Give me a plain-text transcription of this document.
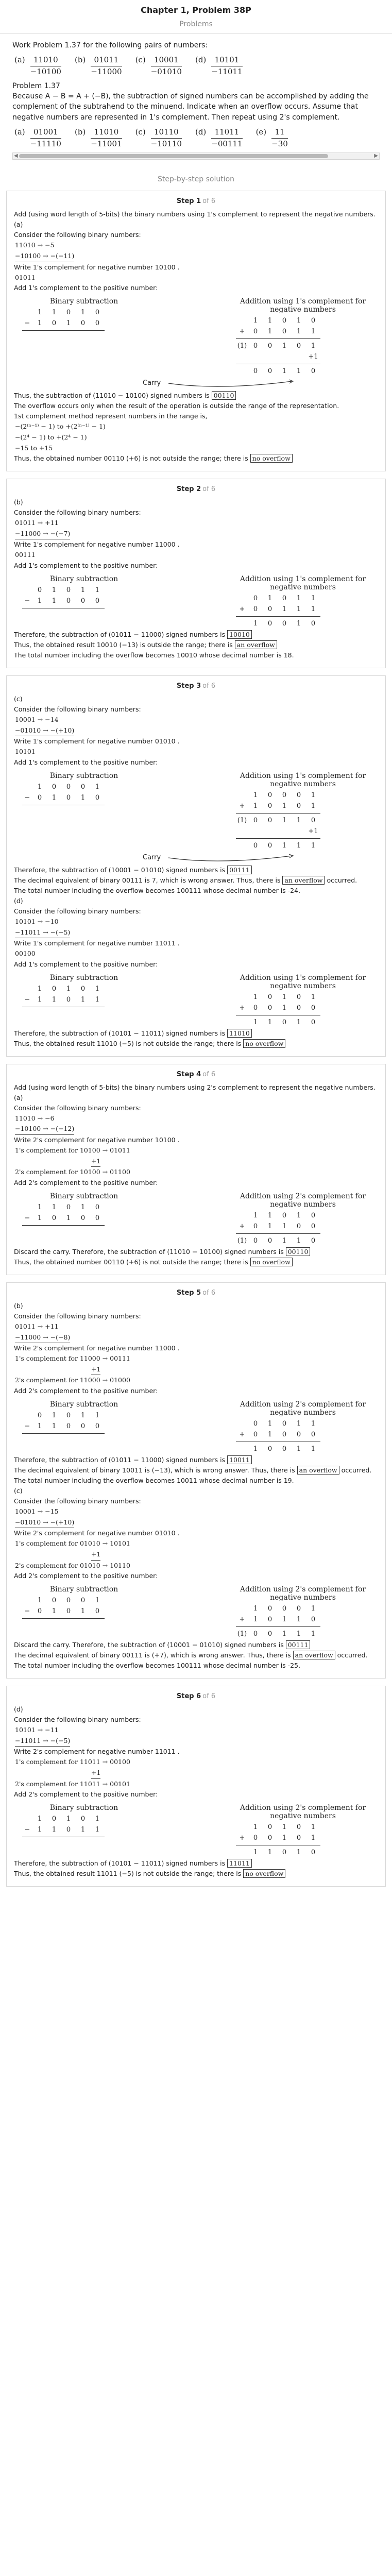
Chapter 1, Problem 38P
Problems
Work Problem 1.37 for the following pairs of numbers:
$(a) \frac{11010}{-10100} (b) \frac{01011}{-11000} (c) \frac{10001}{-01010} (d) \frac{10101}{-11011}$
Problem 1.37
Because A − B = A + (−B), the subtraction of signed numbers can be accomplished by adding the complement of the subtrahend to the minuend. Indicate when an overflow occurs. Assume that negative numbers are represented in 1's complement. Then repeat using 2's complement.
$(a) \frac{01001}{-11110} (b) \frac{11010}{-11001} (c) \frac{10110}{-10110} (d) \frac{11011}{-00111} (e) \frac{11}{-30}$
◀	▶
Step-by-step solution
Step 1 of 6
Add (using word length of 5-bits) the binary numbers using 1's complement to represent the negative numbers.
(a)
Consider the following binary numbers:
11010 → −5
−10100 → −(−11)
Write 1's complement for negative number 10100 .
01011
Add 1's complement to the positive number:
Binary subtraction
1 1 0 1 0
− 1 0 1 0 0
Addition using 1's complement for negative numbers
1 1 0 1 0
+ 0 1 0 1 1
(1) 0 0 1 0 1
+1
0 0 1 1 0
Carry
Thus, the subtraction of (11010 − 10100) signed numbers is 00110
The overflow occurs only when the result of the operation is outside the range of the representation.
1st complement method represent numbers in the range is,
−(2⁽ⁿ⁻¹⁾ − 1) to +(2⁽ⁿ⁻¹⁾ − 1)
−(2⁴ − 1) to +(2⁴ − 1)
−15 to +15
Thus, the obtained number 00110 (+6) is not outside the range; there is no overflow
Step 2 of 6
(b)
Consider the following binary numbers:
01011 → +11
−11000 → −(−7)
Write 1's complement for negative number 11000 .
00111
Add 1's complement to the positive number:
Binary subtraction
0 1 0 1 1
− 1 1 0 0 0
Addition using 1's complement for negative numbers
0 1 0 1 1
+ 0 0 1 1 1
1 0 0 1 0
Therefore, the subtraction of (01011 − 11000) signed numbers is 10010
Thus, the obtained result 10010 (−13) is outside the range; there is an overflow
The total number including the overflow becomes 10010 whose decimal number is 18.
Step 3 of 6
(c)
Consider the following binary numbers:
10001 → −14
−01010 → −(+10)
Write 1's complement for negative number 01010 .
10101
Add 1's complement to the positive number:
Binary subtraction
1 0 0 0 1
− 0 1 0 1 0
Addition using 1's complement for negative numbers
1 0 0 0 1
+ 1 0 1 0 1
(1) 0 0 1 1 0
+1
0 0 1 1 1
Carry
Therefore, the subtraction of (10001 − 01010) signed numbers is 00111
The decimal equivalent of binary 00111 is 7, which is wrong answer. Thus, there is an overflow occurred.
The total number including the overflow becomes 100111 whose decimal number is -24.
(d)
Consider the following binary numbers:
10101 → −10
−11011 → −(−5)
Write 1's complement for negative number 11011 .
00100
Add 1's complement to the positive number:
Binary subtraction
1 0 1 0 1
− 1 1 0 1 1
Addition using 1's complement for negative numbers
1 0 1 0 1
+ 0 0 1 0 0
1 1 0 1 0
Therefore, the subtraction of (10101 − 11011) signed numbers is 11010
Thus, the obtained result 11010 (−5) is not outside the range; there is no overflow
Step 4 of 6
Add (using word length of 5-bits) the binary numbers using 2's complement to represent the negative numbers.
(a)
Consider the following binary numbers:
11010 → −6
−10100 → −(−12)
Write 2's complement for negative number 10100 .
1's complement for 10100 → 01011
+1
2's complement for 10100 → 01100
Add 2's complement to the positive number:
Binary subtraction
1 1 0 1 0
− 1 0 1 0 0
Addition using 2's complement for negative numbers
1 1 0 1 0
+ 0 1 1 0 0
(1) 0 0 1 1 0
Discard the carry. Therefore, the subtraction of (11010 − 10100) signed numbers is 00110
Thus, the obtained number 00110 (+6) is not outside the range; there is no overflow
Step 5 of 6
(b)
Consider the following binary numbers:
01011 → +11
−11000 → −(−8)
Write 2's complement for negative number 11000 .
1's complement for 11000 → 00111
+1
2's complement for 11000 → 01000
Add 2's complement to the positive number:
Binary subtraction
0 1 0 1 1
− 1 1 0 0 0
Addition using 2's complement for negative numbers
0 1 0 1 1
+ 0 1 0 0 0
1 0 0 1 1
Therefore, the subtraction of (01011 − 11000) signed numbers is 10011
The decimal equivalent of binary 10011 is (−13), which is wrong answer. Thus, there is an overflow occurred.
The total number including the overflow becomes 10011 whose decimal number is 19.
(c)
Consider the following binary numbers:
10001 → −15
−01010 → −(+10)
Write 2's complement for negative number 01010 .
1's complement for 01010 → 10101
+1
2's complement for 01010 → 10110
Add 2's complement to the positive number:
Binary subtraction
1 0 0 0 1
− 0 1 0 1 0
Addition using 2's complement for negative numbers
1 0 0 0 1
+ 1 0 1 1 0
(1) 0 0 1 1 1
Discard the carry. Therefore, the subtraction of (10001 − 01010) signed numbers is 00111
The decimal equivalent of binary 00111 is (+7), which is wrong answer. Thus, there is an overflow occurred.
The total number including the overflow becomes 100111 whose decimal number is -25.
Step 6 of 6
(d)
Consider the following binary numbers:
10101 → −11
−11011 → −(−5)
Write 2's complement for negative number 11011 .
1's complement for 11011 → 00100
+1
2's complement for 11011 → 00101
Add 2's complement to the positive number:
Binary subtraction
1 0 1 0 1
− 1 1 0 1 1
Addition using 2's complement for negative numbers
1 0 1 0 1
+ 0 0 1 0 1
1 1 0 1 0
Therefore, the subtraction of (10101 − 11011) signed numbers is 11011
Thus, the obtained result 11011 (−5) is not outside the range; there is no overflow
